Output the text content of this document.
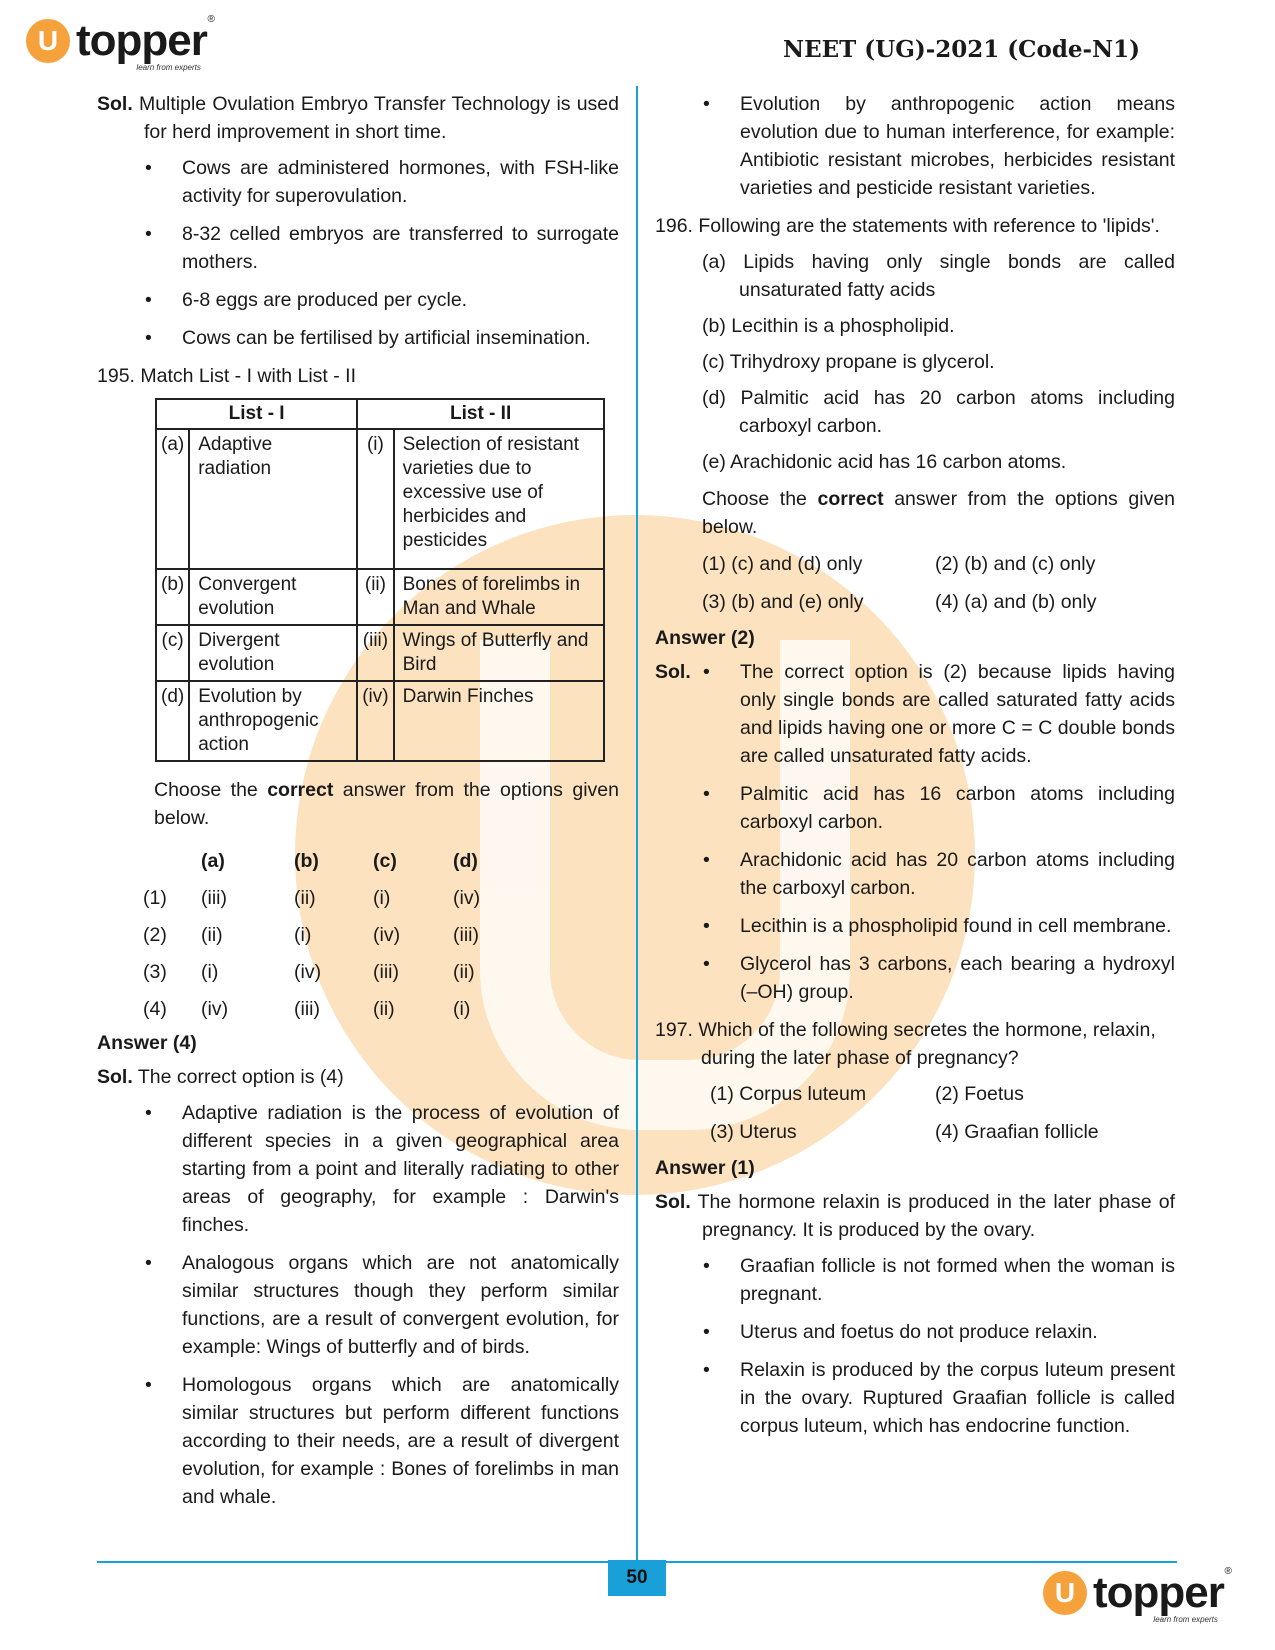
U topper ®
learn from experts
NEET (UG)-2021 (Code-N1)
50	U topper ®
learn from experts

Sol. Multiple Ovulation Embryo Transfer Technology is used for herd improvement in short time.

• Cows are administered hormones, with FSH-like activity for superovulation.
• 8-32 celled embryos are transferred to surrogate mothers.
• 6-8 eggs are produced per cycle.
• Cows can be fertilised by artificial insemination.

195. Match List - I with List - II

List - I		List - II	
(a)	Adaptive radiation	(i)	Selection of resistant varieties due to excessive use of herbicides and pesticides
(b)	Convergent evolution	(ii)	Bones of forelimbs in Man and Whale
(c)	Divergent evolution	(iii)	Wings of Butterfly and Bird
(d)	Evolution by anthropogenic action	(iv)	Darwin Finches

Choose the correct answer from the options given below.

(a)	(b)	(c)	(d)
(1)	(iii)	(ii)	(i)	(iv)
(2)	(ii)	(i)	(iv)	(iii)
(3)	(i)	(iv)	(iii)	(ii)
(4)	(iv)	(iii)	(ii)	(i)

Answer (4)

Sol. The correct option is (4)

• Adaptive radiation is the process of evolution of different species in a given geographical area starting from a point and literally radiating to other areas of geography, for example : Darwin's finches.
• Analogous organs which are not anatomically similar structures though they perform similar functions, are a result of convergent evolution, for example: Wings of butterfly and of birds.
• Homologous organs which are anatomically similar structures but perform different functions according to their needs, are a result of divergent evolution, for example : Bones of forelimbs in man and whale.
• Evolution by anthropogenic action means evolution due to human interference, for example: Antibiotic resistant microbes, herbicides resistant varieties and pesticide resistant varieties.

196. Following are the statements with reference to 'lipids'.

(a) Lipids having only single bonds are called unsaturated fatty acids

(b) Lecithin is a phospholipid.

(c) Trihydroxy propane is glycerol.

(d) Palmitic acid has 20 carbon atoms including carboxyl carbon.

(e) Arachidonic acid has 16 carbon atoms.

Choose the correct answer from the options given below.

(1) (c) and (d) only	(2) (b) and (c) only
(3) (b) and (e) only	(4) (a) and (b) only

Answer (2)

Sol.	• The correct option is (2) because lipids having only single bonds are called saturated fatty acids and lipids having one or more C = C double bonds are called unsaturated fatty acids.
• Palmitic acid has 16 carbon atoms including carboxyl carbon.
• Arachidonic acid has 20 carbon atoms including the carboxyl carbon.
• Lecithin is a phospholipid found in cell membrane.
• Glycerol has 3 carbons, each bearing a hydroxyl (–OH) group.

197. Which of the following secretes the hormone, relaxin, during the later phase of pregnancy?

(1) Corpus luteum	(2) Foetus
(3) Uterus	(4) Graafian follicle

Answer (1)

Sol. The hormone relaxin is produced in the later phase of pregnancy. It is produced by the ovary.

• Graafian follicle is not formed when the woman is pregnant.
• Uterus and foetus do not produce relaxin.
• Relaxin is produced by the corpus luteum present in the ovary. Ruptured Graafian follicle is called corpus luteum, which has endocrine function.
